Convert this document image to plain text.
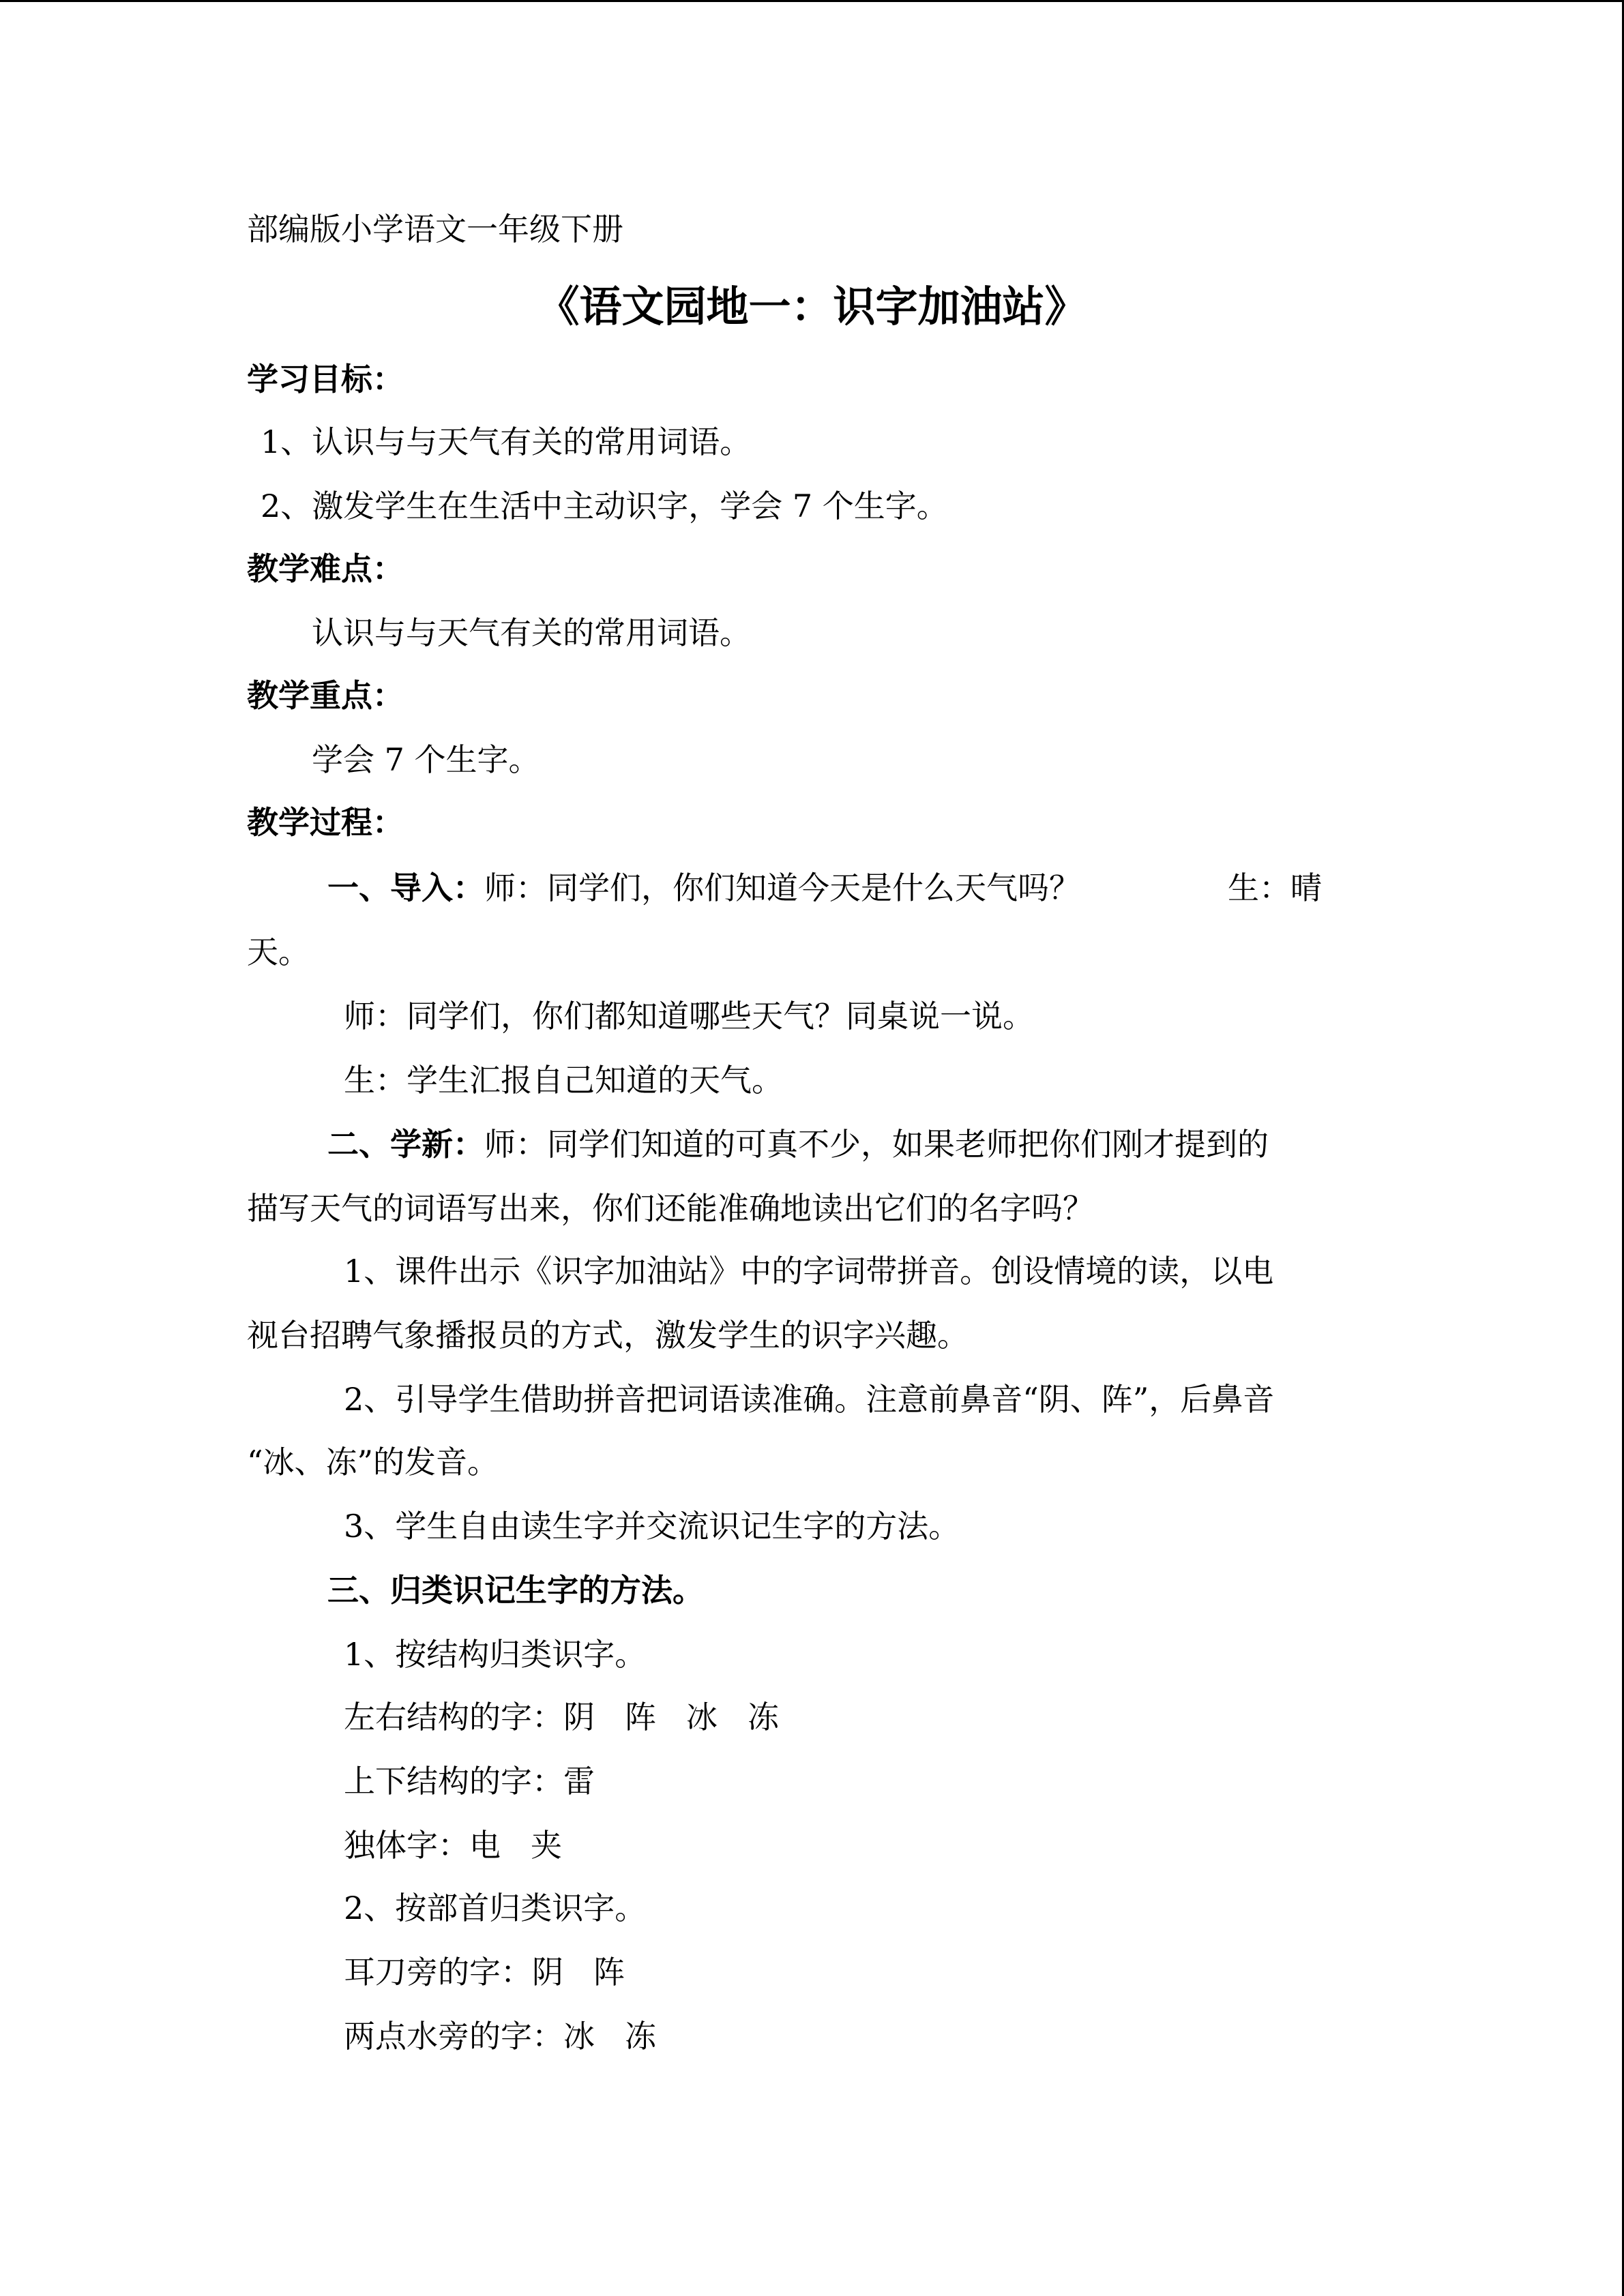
部编版小学语文一年级下册
《语文园地一：识字加油站》
学习目标：
1、认识与与天气有关的常用词语。
2、激发学生在生活中主动识字，学会 7 个生字。
教学难点：
认识与与天气有关的常用词语。
教学重点：
学会 7 个生字。
教学过程：
一、导入：师：同学们，你们知道今天是什么天气吗？	生：晴
天。
师：同学们，你们都知道哪些天气？同桌说一说。
生：学生汇报自己知道的天气。
二、学新：师：同学们知道的可真不少，如果老师把你们刚才提到的
描写天气的词语写出来，你们还能准确地读出它们的名字吗？
1、课件出示《识字加油站》中的字词带拼音。创设情境的读，以电
视台招聘气象播报员的方式，激发学生的识字兴趣。
2、引导学生借助拼音把词语读准确。注意前鼻音“阴、阵”，后鼻音
“冰、冻”的发音。
3、学生自由读生字并交流识记生字的方法。
三、归类识记生字的方法。
1、按结构归类识字。
左右结构的字：阴 阵 冰 冻
上下结构的字：雷
独体字：电 夹
2、按部首归类识字。
耳刀旁的字：阴 阵
两点水旁的字：冰 冻
